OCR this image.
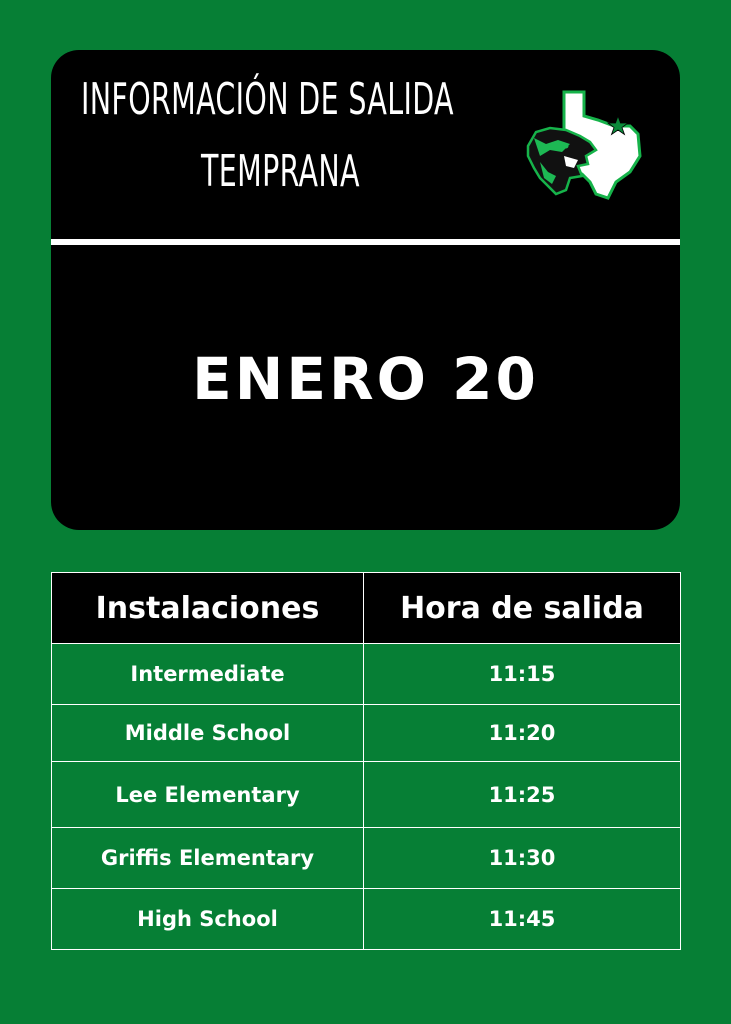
INFORMACIÓN DE SALIDA
TEMPRANA
ENERO 20
Instalaciones	Hora de salida
Intermediate	11:15
Middle School	11:20
Lee Elementary	11:25
Griffis Elementary	11:30
High School	11:45
